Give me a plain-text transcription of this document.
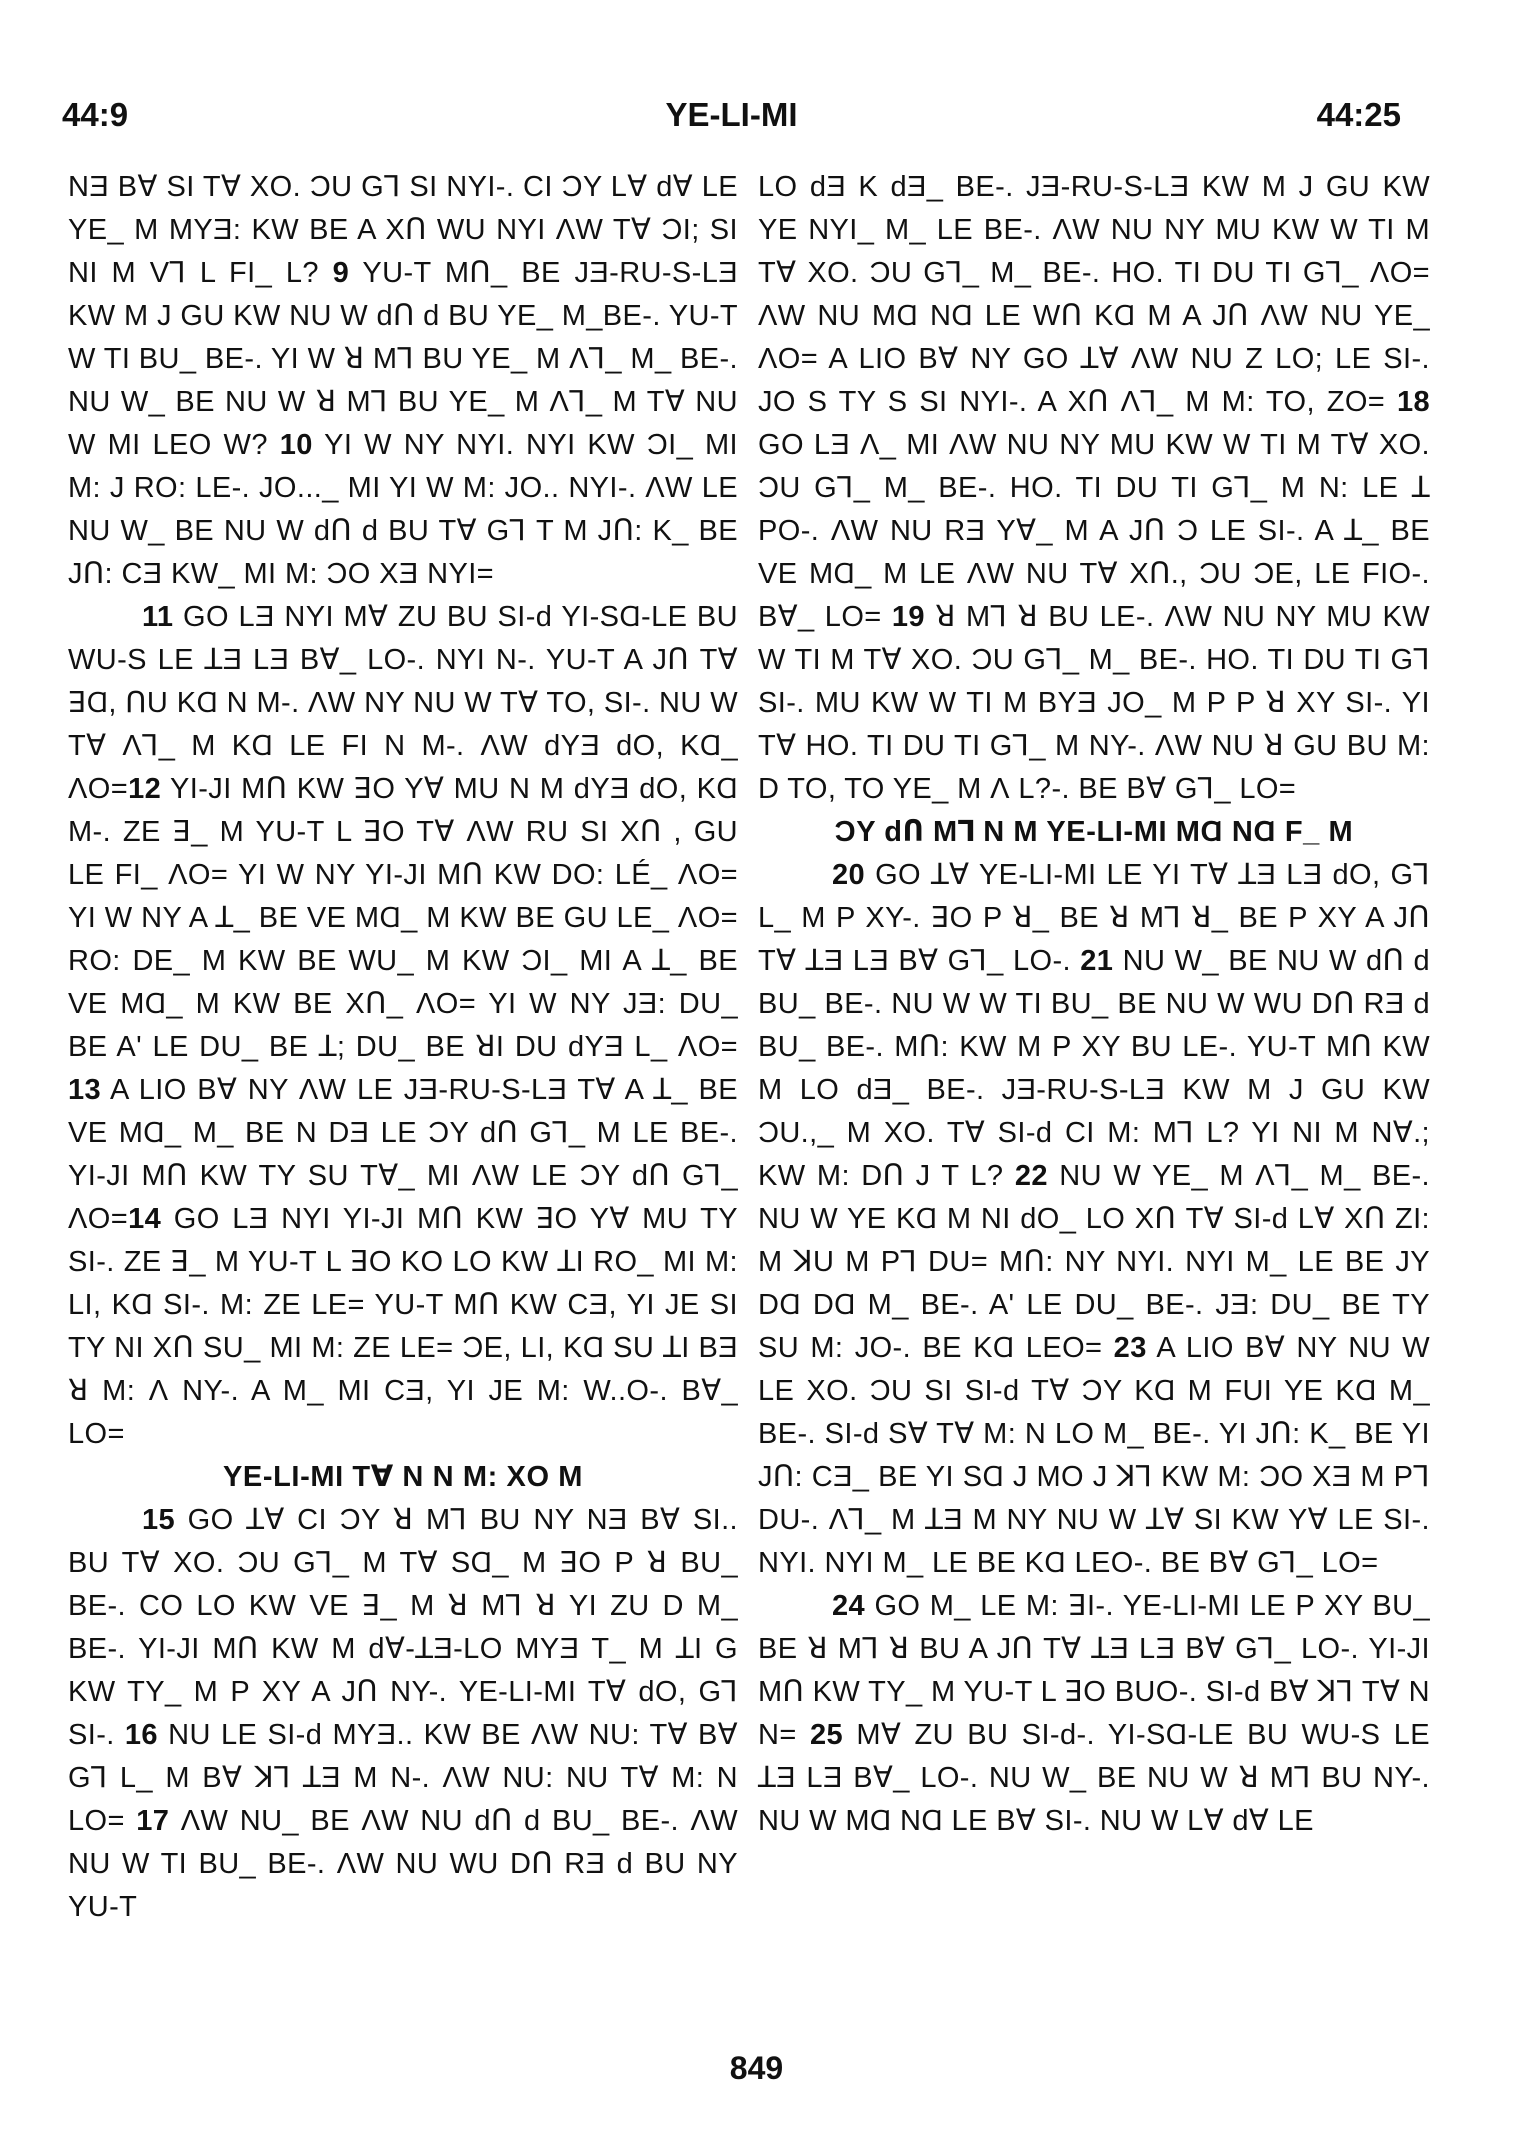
44:9	YE-LI-MI	44:25

NƎ BⱯ SI TⱯ XO. ƆU Gꓶ SI NYI-. CI ƆY LⱯ dⱯ LE YE_ M MYƎ: KW BE A XՈ WU NYI ɅW TⱯ ƆI; SI NI M Vꓶ L FI_ L? 9 YU-T MՈ_ BE JƎ-RU-S-LƎ KW M J GU KW NU W dՈ d BU YE_ M_BE-. YU-T W TI BU_ BE-. YI W ꓤ Mꓶ BU YE_ M Ʌꓶ_ M_ BE-. NU W_ BE NU W ꓤ Mꓶ BU YE_ M Ʌꓶ_ M TⱯ NU W MI LEO W? 10 YI W NY NYI. NYI KW ƆI_ MI M: J RO: LE-. JO..._ MI YI W M: JO.. NYI-. ɅW LE NU W_ BE NU W dՈ d BU TⱯ Gꓶ T M JՈ: K_ BE JՈ: CƎ KW_ MI M: ƆO XƎ NYI=

11 GO LƎ NYI MⱯ ZU BU SI-d YI-SⱭ-LE BU WU-S LE ꓕƎ LƎ BⱯ_ LO-. NYI N-. YU-T A JՈ TⱯ ꓱⱭ, ꓵU KⱭ N M-. ɅW NY NU W TⱯ TO, SI-. NU W TⱯ Ʌꓶ_ M KⱭ LE FI N M-. ɅW dYƎ dO, KⱭ_ ɅO=12 YI-JI MՈ KW ꓱO YⱯ MU N M dYƎ dO, KⱭ M-. ZE ꓱ_ M YU-T L ꓱO TⱯ ɅW RU SI XՈ , GU LE FI_ ɅO= YI W NY YI-JI MՈ KW DO: LÉ_ ɅO= YI W NY A ꓕ_ BE VE MⱭ_ M KW BE GU LE_ ɅO= RO: DE_ M KW BE WU_ M KW ƆI_ MI A ꓕ_ BE VE MⱭ_ M KW BE XՈ_ ɅO= YI W NY JƎ: DU_ BE A' LE DU_ BE ꓕ; DU_ BE ꓤI DU dYƎ L_ ɅO= 13 A LIO BⱯ NY ɅW LE JƎ-RU-S-LƎ TⱯ A ꓕ_ BE VE MⱭ_ M_ BE N DƎ LE ƆY dՈ Gꓶ_ M LE BE-. YI-JI MՈ KW TY SU TⱯ_ MI ɅW LE ƆY dՈ Gꓶ_ ɅO=14 GO LƎ NYI YI-JI MՈ KW ꓱO YⱯ MU TY SI-. ZE ꓱ_ M YU-T L ꓱO KO LO KW ꓕI RO_ MI M: LI, KⱭ SI-. M: ZE LE= YU-T MՈ KW CƎ, YI JE SI TY NI XՈ SU_ MI M: ZE LE= ƆE, LI, KⱭ SU ꓕI BƎ ꓤ M: Ʌ NY-. A M_ MI CƎ, YI JE M: W..O-. BⱯ_ LO=

YE-LI-MI TⱯ N N M: XO M

15 GO ꓕⱯ CI ƆY ꓤ Mꓶ BU NY NƎ BⱯ SI.. BU TⱯ XO. ƆU Gꓶ_ M TⱯ SⱭ_ M ꓱO P ꓤ BU_ BE-. CO LO KW VE ꓱ_ M ꓤ Mꓶ ꓤ YI ZU D M_ BE-. YI-JI MՈ KW M dⱯ-ꓕƎ-LO MYƎ T_ M ꓕI G KW TY_ M P XY A JՈ NY-. YE-LI-MI TⱯ dO, Gꓶ SI-. 16 NU LE SI-d MYƎ.. KW BE ɅW NU: TⱯ BⱯ Gꓶ L_ M BⱯ ꓘꓶ ꓕƎ M N-. ɅW NU: NU TⱯ M: N LO= 17 ɅW NU_ BE ɅW NU dՈ d BU_ BE-. ɅW NU W TI BU_ BE-. ɅW NU WU DՈ RƎ d BU NY YU-T

LO dƎ K dƎ_ BE-. JƎ-RU-S-LƎ KW M J GU KW YE NYI_ M_ LE BE-. ɅW NU NY MU KW W TI M TⱯ XO. ƆU Gꓶ_ M_ BE-. HO. TI DU TI Gꓶ_ ɅO= ɅW NU MⱭ NⱭ LE WՈ KⱭ M A JՈ ɅW NU YE_ ɅO= A LIO BⱯ NY GO ꓕⱯ ɅW NU Z LO; LE SI-. JO S TY S SI NYI-. A XՈ Ʌꓶ_ M M: TO, ZO= 18 GO LƎ Ʌ_ MI ɅW NU NY MU KW W TI M TⱯ XO. ƆU Gꓶ_ M_ BE-. HO. TI DU TI Gꓶ_ M N: LE ꓕ PO-. ɅW NU RƎ YⱯ_ M A JՈ Ɔ LE SI-. A ꓕ_ BE VE MⱭ_ M LE ɅW NU TⱯ XՈ., ƆU ƆE, LE FIO-. BⱯ_ LO= 19 ꓤ Mꓶ ꓤ BU LE-. ɅW NU NY MU KW W TI M TⱯ XO. ƆU Gꓶ_ M_ BE-. HO. TI DU TI Gꓶ SI-. MU KW W TI M BYƎ JO_ M P P ꓤ XY SI-. YI TⱯ HO. TI DU TI Gꓶ_ M NY-. ɅW NU ꓤ GU BU M: D TO, TO YE_ M Ʌ L?-. BE BⱯ Gꓶ_ LO=

ƆY dՈ Mꓶ N M YE-LI-MI MⱭ NⱭ F_ M

20 GO ꓕⱯ YE-LI-MI LE YI TⱯ ꓕƎ LƎ dO, Gꓶ L_ M P XY-. ꓱO P ꓤ_ BE ꓤ Mꓶ ꓤ_ BE P XY A JՈ TⱯ ꓕƎ LƎ BⱯ Gꓶ_ LO-. 21 NU W_ BE NU W dՈ d BU_ BE-. NU W W TI BU_ BE NU W WU DՈ RƎ d BU_ BE-. MՈ: KW M P XY BU LE-. YU-T MՈ KW M LO dƎ_ BE-. JƎ-RU-S-LƎ KW M J GU KW ƆU.,_ M XO. TⱯ SI-d CI M: Mꓶ L? YI NI M NⱯ.; KW M: DՈ J T L? 22 NU W YE_ M Ʌꓶ_ M_ BE-. NU W YE KⱭ M NI dO_ LO XՈ TⱯ SI-d LⱯ XՈ ZI: M ꓘU M Pꓶ DU= MՈ: NY NYI. NYI M_ LE BE JY DⱭ DⱭ M_ BE-. A' LE DU_ BE-. JƎ: DU_ BE TY SU M: JO-. BE KⱭ LEO= 23 A LIO BⱯ NY NU W LE XO. ƆU SI SI-d TⱯ ƆY KⱭ M FUI YE KⱭ M_ BE-. SI-d SⱯ TⱯ M: N LO M_ BE-. YI JՈ: K_ BE YI JՈ: CƎ_ BE YI SⱭ J MO J ꓘꓶ KW M: ƆO XƎ M Pꓶ DU-. Ʌꓶ_ M ꓕƎ M NY NU W ꓕⱯ SI KW YⱯ LE SI-. NYI. NYI M_ LE BE KⱭ LEO-. BE BⱯ Gꓶ_ LO=

24 GO M_ LE M: ꓱI-. YE-LI-MI LE P XY BU_ BE ꓤ Mꓶ ꓤ BU A JՈ TⱯ ꓕƎ LƎ BⱯ Gꓶ_ LO-. YI-JI MՈ KW TY_ M YU-T L ꓱO BUO-. SI-d BⱯ ꓘꓶ TⱯ N N= 25 MⱯ ZU BU SI-d-. YI-SⱭ-LE BU WU-S LE ꓕƎ LƎ BⱯ_ LO-. NU W_ BE NU W ꓤ Mꓶ BU NY-. NU W MⱭ NⱭ LE BⱯ SI-. NU W LⱯ dⱯ LE

849
